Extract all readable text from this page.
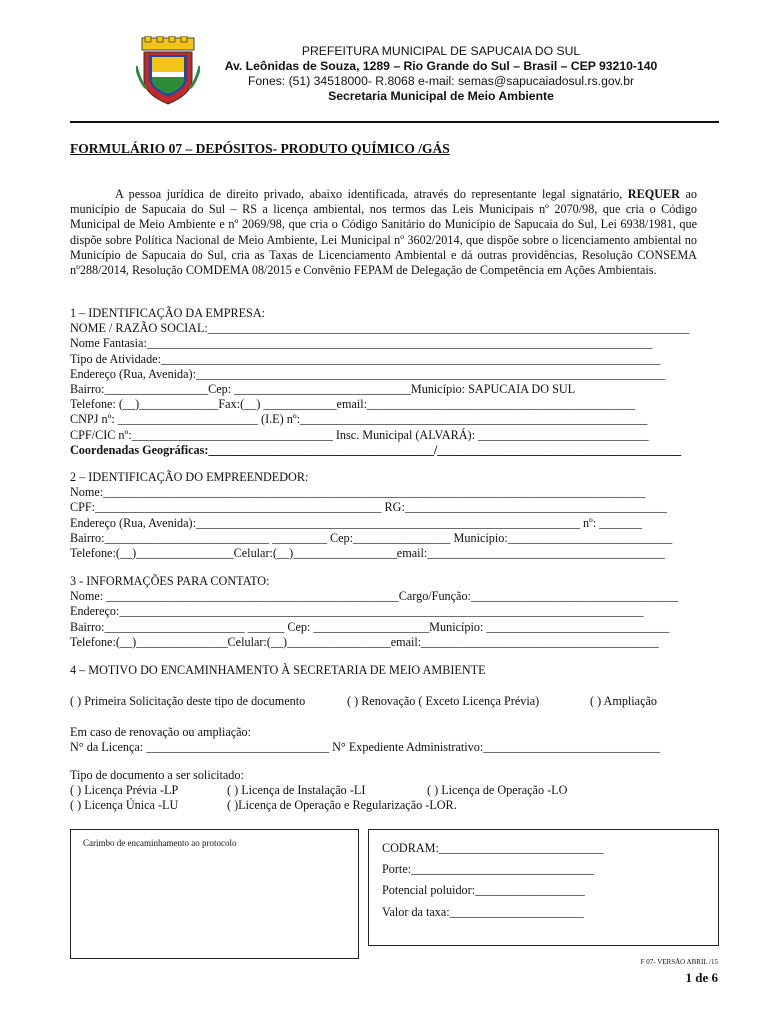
PREFEITURA MUNICIPAL DE SAPUCAIA DO SUL
Av. Leônidas de Souza, 1289 – Rio Grande do Sul – Brasil – CEP 93210-140
Fones: (51) 34518000- R.8068 e-mail: semas@sapucaiadosul.rs.gov.br
Secretaria Municipal de Meio Ambiente
FORMULÁRIO 07 – DEPÓSITOS- PRODUTO QUÍMICO /GÁS
A pessoa jurídica de direito privado, abaixo identificada, através do representante legal signatário, REQUER ao município de Sapucaia do Sul – RS a licença ambiental, nos termos das Leis Municipais nº 2070/98, que cria o Código Municipal de Meio Ambiente e nº 2069/98, que cria o Código Sanitário do Município de Sapucaia do Sul, Lei 6938/1981, que dispõe sobre Política Nacional de Meio Ambiente, Lei Municipal nº 3602/2014, que dispõe sobre o licenciamento ambiental no Município de Sapucaia do Sul, cria as Taxas de Licenciamento Ambiental e dá outras providências, Resolução CONSEMA nº288/2014, Resolução COMDEMA 08/2015 e Convênio FEPAM de Delegação de Competência em Ações Ambientais.
1 – IDENTIFICAÇÃO DA EMPRESA:
NOME / RAZÃO SOCIAL:_______________________________________________________________________________
Nome Fantasia:___________________________________________________________________________________
Tipo de Atividade:__________________________________________________________________________________
Endereço (Rua, Avenida):_____________________________________________________________________________
Bairro:_________________Cep: _____________________________Município: SAPUCAIA DO SUL
Telefone: (__)_____________Fax:(__) ____________email:____________________________________________
CNPJ nº: _______________________ (I.E) nº:_________________________________________________________
CPF/CIC nº:_________________________________ Insc. Municipal (ALVARÁ): ____________________________
Coordenadas Geográficas:_____________________________________/________________________________________
2 – IDENTIFICAÇÃO DO EMPREENDEDOR:
Nome:_________________________________________________________________________________________
CPF:_______________________________________________ RG:___________________________________________
Endereço (Rua, Avenida):_______________________________________________________________ nº: _______
Bairro:___________________________ _________ Cep:________________ Município:___________________________
Telefone:(__)________________Celular:(__)_________________email:_______________________________________
3 - INFORMAÇÕES PARA CONTATO:
Nome: ________________________________________________Cargo/Função:__________________________________
Endereço:______________________________________________________________________________________
Bairro:_______________________ ______ Cep: ___________________Município: ______________________________
Telefone:(__)_______________Celular:(__)_________________email:_______________________________________
4 – MOTIVO DO ENCAMINHAMENTO À SECRETARIA DE MEIO AMBIENTE
( ) Primeira Solicitação deste tipo de documento	( ) Renovação ( Exceto Licença Prévia)	( ) Ampliação
Em caso de renovação ou ampliação:
N° da Licença: ______________________________ N° Expediente Administrativo:_____________________________
Tipo de documento a ser solicitado:
( ) Licença Prévia -LP	( ) Licença de Instalação -LI	( ) Licença de Operação -LO
( ) Licença Única -LU	( )Licença de Operação e Regularização -LOR.
Carimbo de encaminhamento ao protocolo	CODRAM:___________________________
Porte:______________________________
Potencial poluidor:__________________
Valor da taxa:______________________
F 07- VERSÃO ABRIL /15
1 de 6
